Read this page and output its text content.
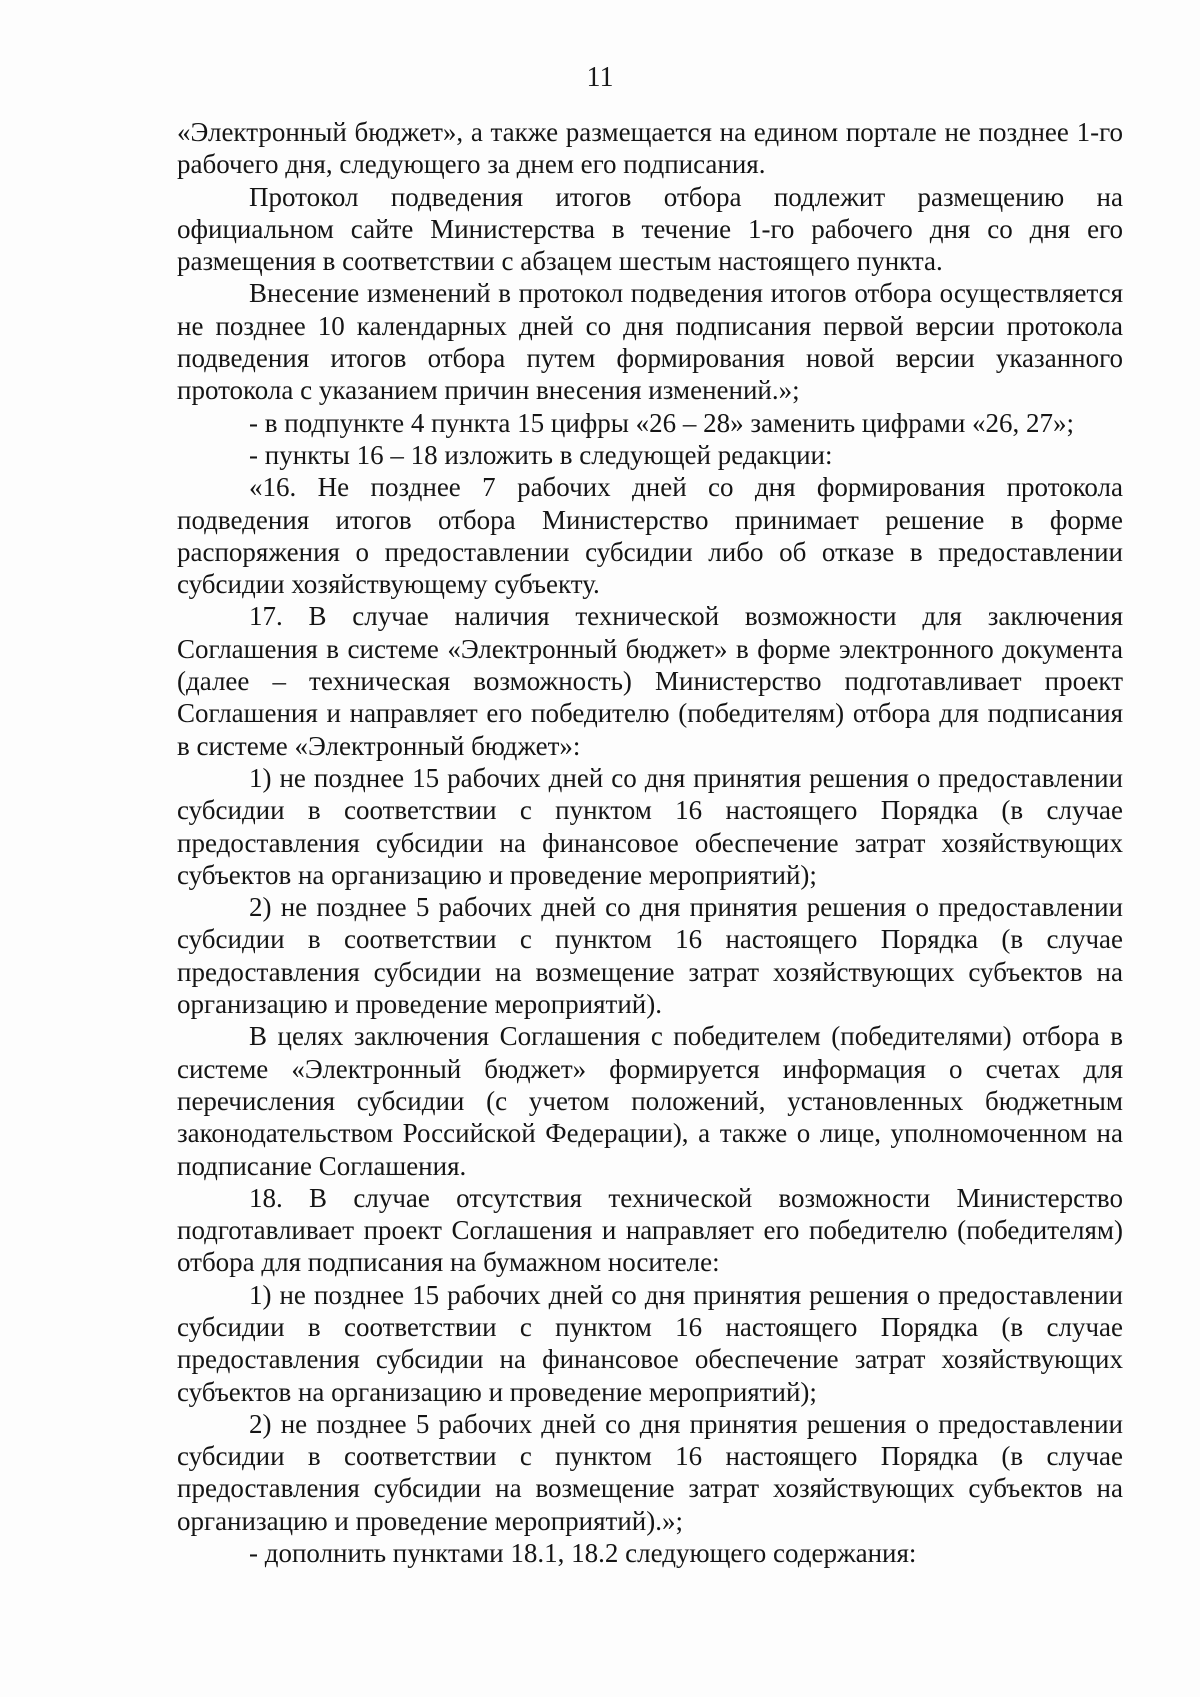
11

«Электронный бюджет», а также размещается на едином портале не позднее 1-го рабочего дня, следующего за днем его подписания.

Протокол подведения итогов отбора подлежит размещению на официальном сайте Министерства в течение 1-го рабочего дня со дня его размещения в соответствии с абзацем шестым настоящего пункта.

Внесение изменений в протокол подведения итогов отбора осуществляется не позднее 10 календарных дней со дня подписания первой версии протокола подведения итогов отбора путем формирования новой версии указанного протокола с указанием причин внесения изменений.»;

- в подпункте 4 пункта 15 цифры «26 – 28» заменить цифрами «26, 27»;

- пункты 16 – 18 изложить в следующей редакции:

«16. Не позднее 7 рабочих дней со дня формирования протокола подведения итогов отбора Министерство принимает решение в форме распоряжения о предоставлении субсидии либо об отказе в предоставлении субсидии хозяйствующему субъекту.

17. В случае наличия технической возможности для заключения Соглашения в системе «Электронный бюджет» в форме электронного документа (далее – техническая возможность) Министерство подготавливает проект Соглашения и направляет его победителю (победителям) отбора для подписания в системе «Электронный бюджет»:

1) не позднее 15 рабочих дней со дня принятия решения о предоставлении субсидии в соответствии с пунктом 16 настоящего Порядка (в случае предоставления субсидии на финансовое обеспечение затрат хозяйствующих субъектов на организацию и проведение мероприятий);

2) не позднее 5 рабочих дней со дня принятия решения о предоставлении субсидии в соответствии с пунктом 16 настоящего Порядка (в случае предоставления субсидии на возмещение затрат хозяйствующих субъектов на организацию и проведение мероприятий).

В целях заключения Соглашения с победителем (победителями) отбора в системе «Электронный бюджет» формируется информация о счетах для перечисления субсидии (с учетом положений, установленных бюджетным законодательством Российской Федерации), а также о лице, уполномоченном на подписание Соглашения.

18. В случае отсутствия технической возможности Министерство подготавливает проект Соглашения и направляет его победителю (победителям) отбора для подписания на бумажном носителе:

1) не позднее 15 рабочих дней со дня принятия решения о предоставлении субсидии в соответствии с пунктом 16 настоящего Порядка (в случае предоставления субсидии на финансовое обеспечение затрат хозяйствующих субъектов на организацию и проведение мероприятий);

2) не позднее 5 рабочих дней со дня принятия решения о предоставлении субсидии в соответствии с пунктом 16 настоящего Порядка (в случае предоставления субсидии на возмещение затрат хозяйствующих субъектов на организацию и проведение мероприятий).»;

- дополнить пунктами 18.1, 18.2 следующего содержания:
